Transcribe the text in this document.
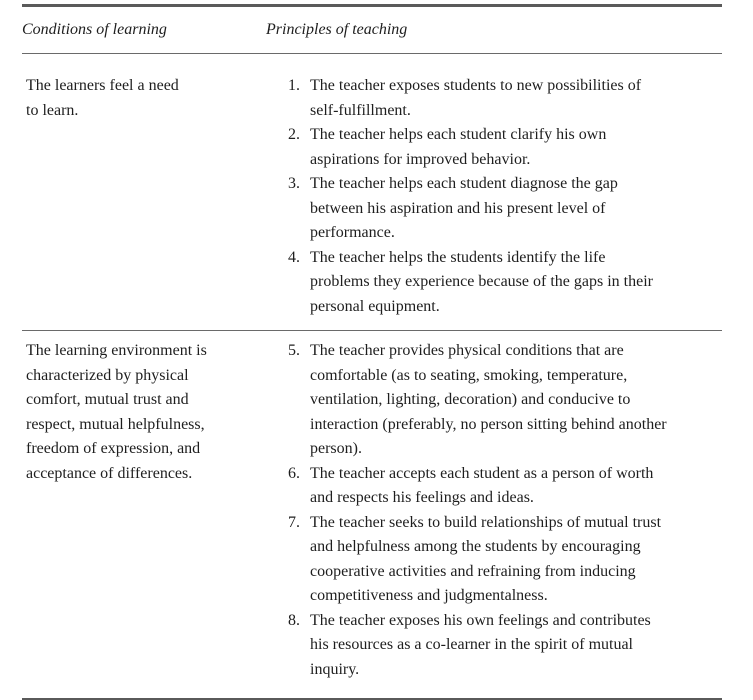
Conditions of learning	Principles of teaching
The learners feel a need
to learn.
1. The teacher exposes students to new possibilities of
self-fulfillment.
2. The teacher helps each student clarify his own
aspirations for improved behavior.
3. The teacher helps each student diagnose the gap
between his aspiration and his present level of
performance.
4. The teacher helps the students identify the life
problems they experience because of the gaps in their
personal equipment.
The learning environment is
characterized by physical
comfort, mutual trust and
respect, mutual helpfulness,
freedom of expression, and
acceptance of differences.
5. The teacher provides physical conditions that are
comfortable (as to seating, smoking, temperature,
ventilation, lighting, decoration) and conducive to
interaction (preferably, no person sitting behind another
person).
6. The teacher accepts each student as a person of worth
and respects his feelings and ideas.
7. The teacher seeks to build relationships of mutual trust
and helpfulness among the students by encouraging
cooperative activities and refraining from inducing
competitiveness and judgmentalness.
8. The teacher exposes his own feelings and contributes
his resources as a co-learner in the spirit of mutual
inquiry.
